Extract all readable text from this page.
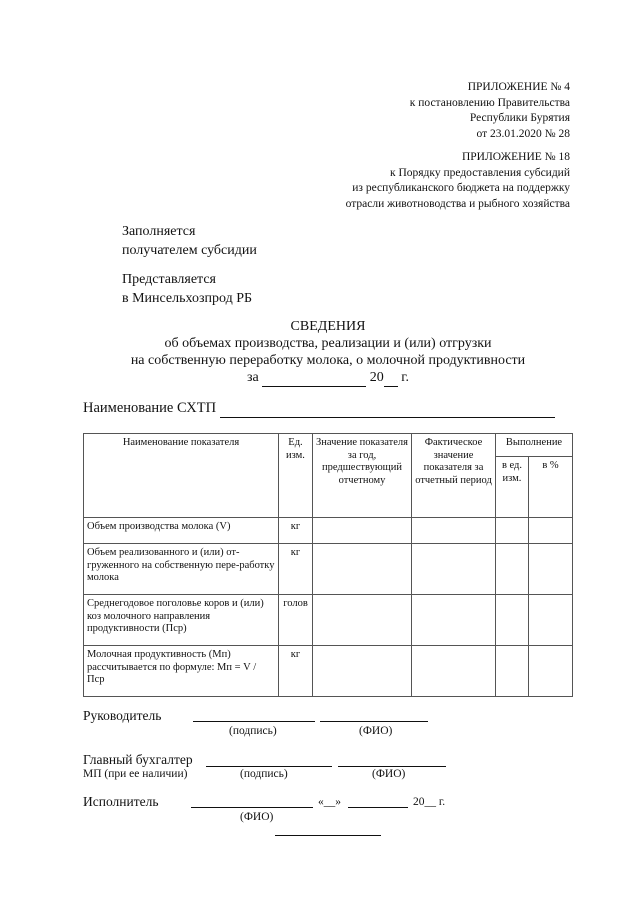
ПРИЛОЖЕНИЕ № 4
к постановлению Правительства
Республики Бурятия
от 23.01.2020 № 28
ПРИЛОЖЕНИЕ № 18
к Порядку предоставления субсидий
из республиканского бюджета на поддержку
отрасли животноводства и рыбного хозяйства
Заполняется
получателем субсидии
Представляется
в Минсельхозпрод РБ
СВЕДЕНИЯ
об объемах производства, реализации и (или) отгрузки
на собственную переработку молока, о молочной продуктивности
за	20 г.
Наименование СХТП
Наименование показателя	Ед. изм.	Значение показателя за год, предшествующий отчетному	Фактическое значение показателя за отчетный период	Выполнение	
				в ед. изм.	в %
Объем производства молока (V)	кг				
Объем реализованного и (или) от-груженного на собственную пере-работку молока	кг				
Среднегодовое поголовье коров и (или) коз молочного направления продуктивности (Пср)	голов				
Молочная продуктивность (Мп) рассчитывается по формуле: Мп = V / Пср	кг				
Руководитель
(подпись)	(ФИО)
Главный бухгалтер
МП (при ее наличии)	(подпись)	(ФИО)
Исполнитель	«__»	20__ г.
(ФИО)
